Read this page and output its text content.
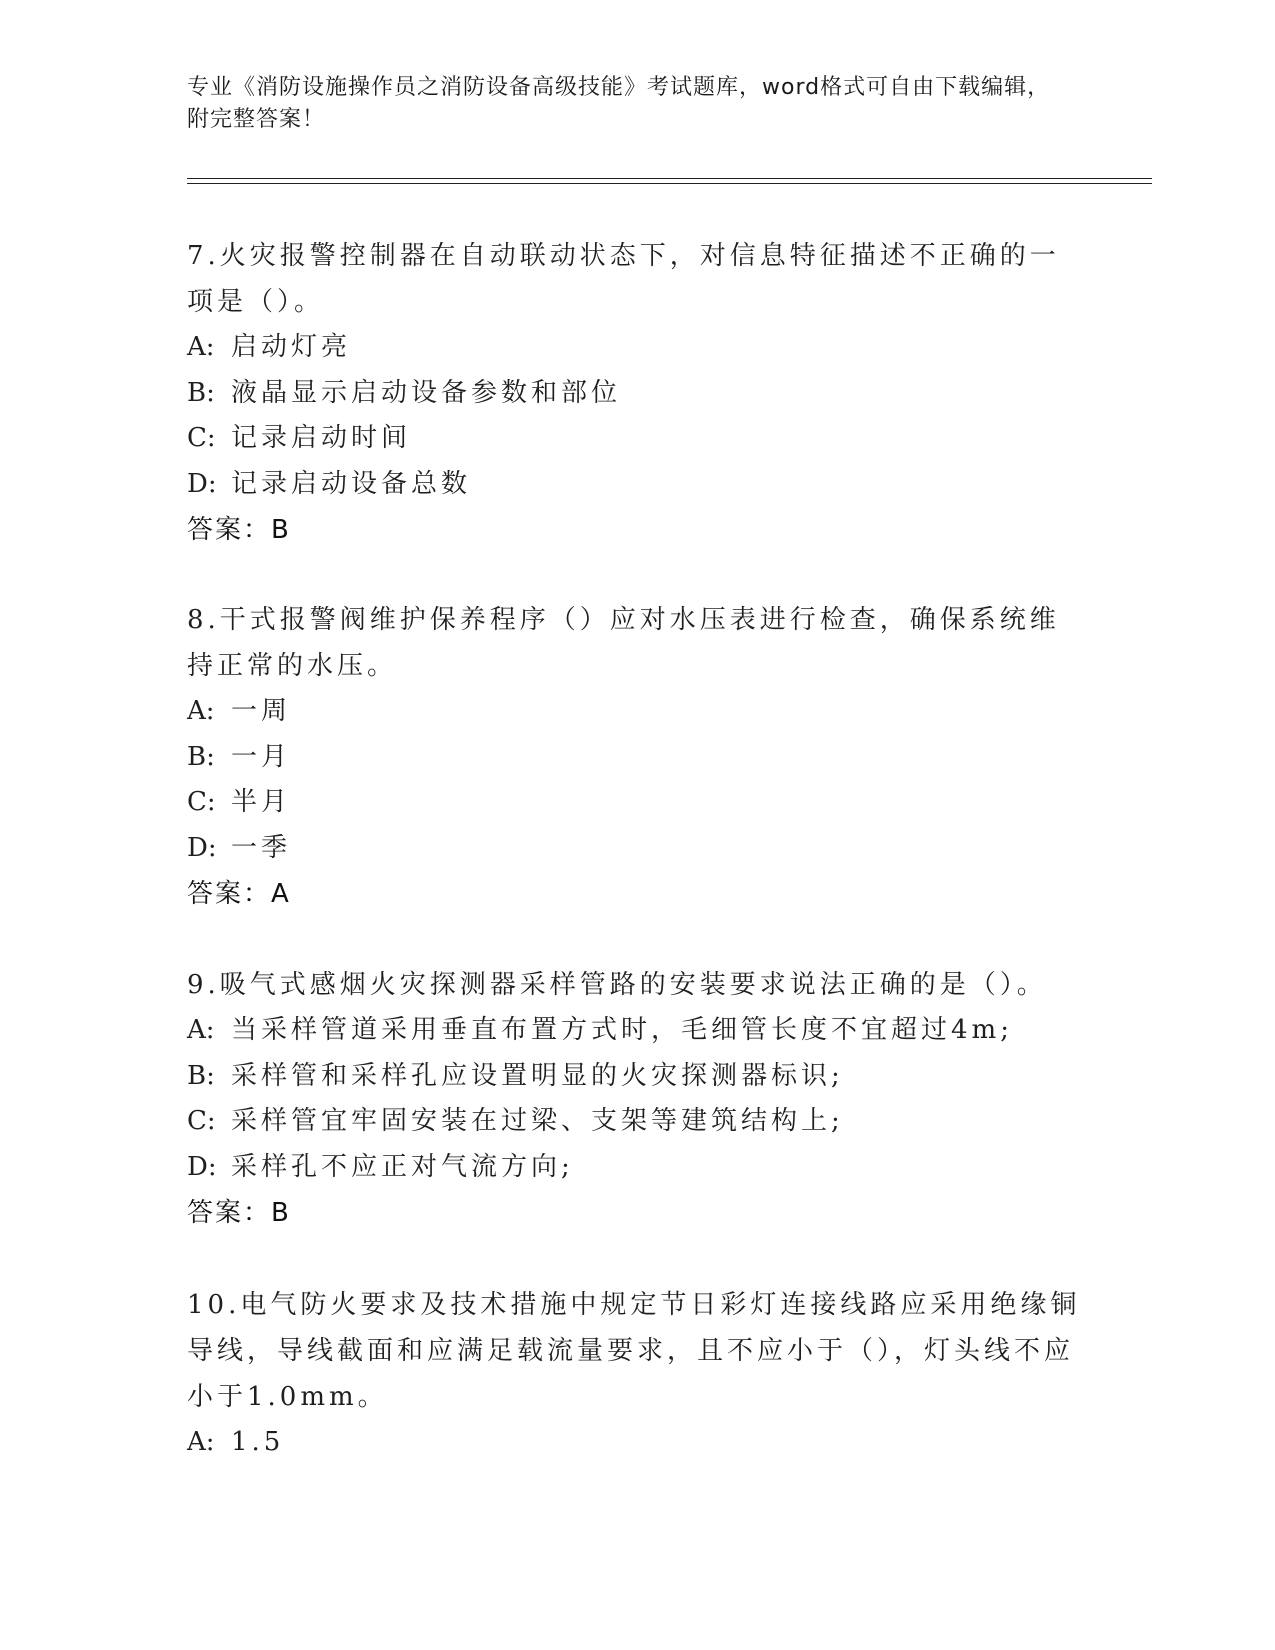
专业《消防设施操作员之消防设备高级技能》考试题库，word格式可自由下载编辑，附完整答案！

7.火灾报警控制器在自动联动状态下，对信息特征描述不正确的一项是（）。

A: 启动灯亮

B: 液晶显示启动设备参数和部位

C: 记录启动时间

D: 记录启动设备总数

答案：B

8.干式报警阀维护保养程序（）应对水压表进行检查，确保系统维持正常的水压。

A: 一周

B: 一月

C: 半月

D: 一季

答案：A

9.吸气式感烟火灾探测器采样管路的安装要求说法正确的是（）。

A: 当采样管道采用垂直布置方式时，毛细管长度不宜超过4m;

B: 采样管和采样孔应设置明显的火灾探测器标识;

C: 采样管宜牢固安装在过梁、支架等建筑结构上;

D: 采样孔不应正对气流方向;

答案：B

10.电气防火要求及技术措施中规定节日彩灯连接线路应采用绝缘铜导线，导线截面和应满足载流量要求，且不应小于（），灯头线不应小于1.0mm。

A: 1.5
